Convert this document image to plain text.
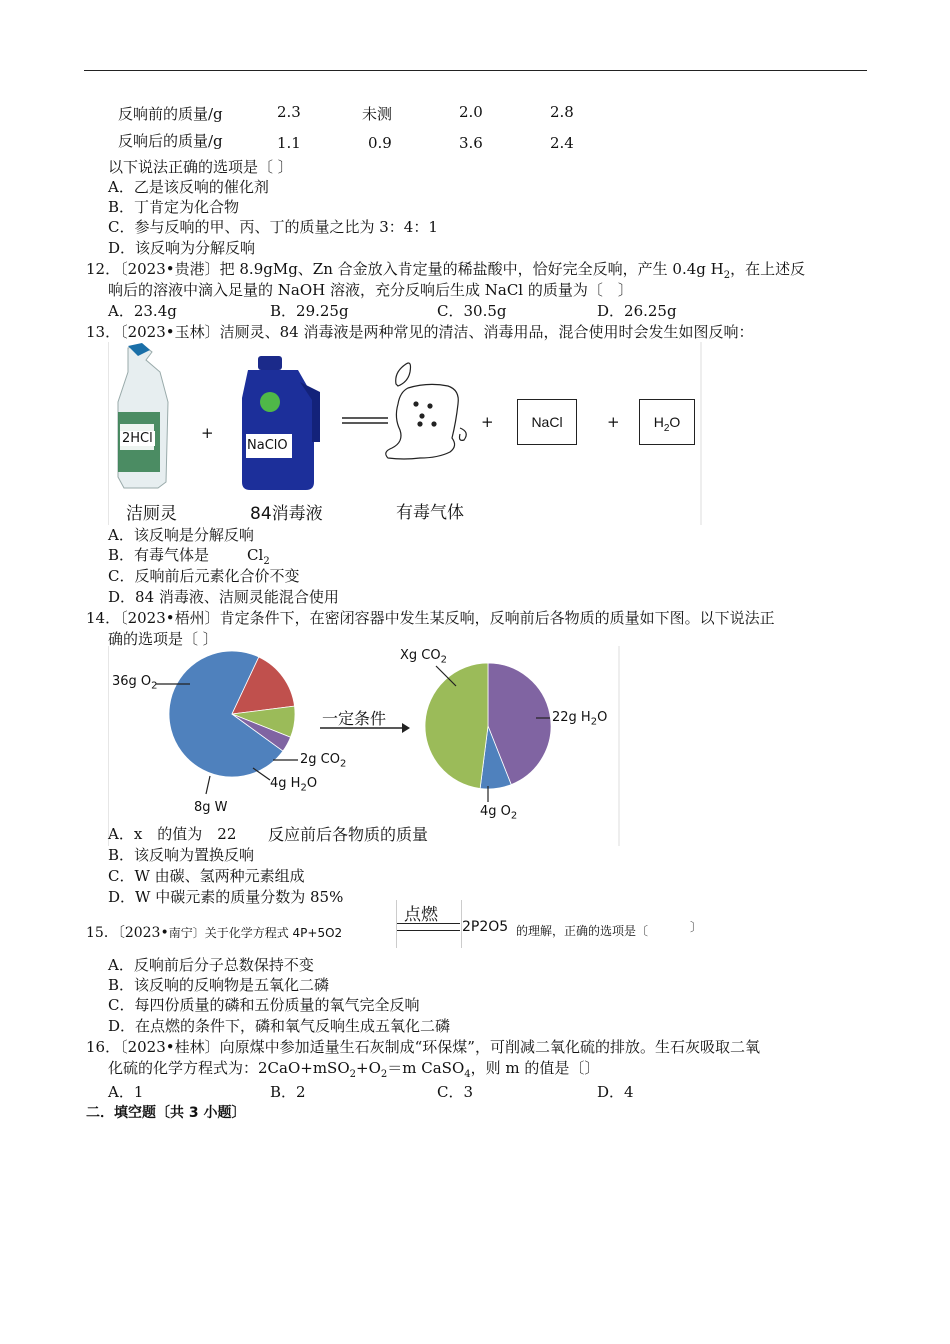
反响前的质量/g	2.3	未测	2.0	2.8
反响后的质量/g	1.1	0.9	3.6	2.4
以下说法正确的选项是〔 〕
A．乙是该反响的催化剂
B．丁肯定为化合物
C．参与反响的甲、丙、丁的质量之比为 3：4：1
D．该反响为分解反响
12．〔2023•贵港〕把 8.9gMg、Zn 合金放入肯定量的稀盐酸中，恰好完全反响，产生 0.4g $H_2$，在上述反
响后的溶液中滴入足量的 NaOH 溶液，充分反响后生成 NaCl 的质量为〔　〕
A．23.4g	B．29.25g	C．30.5g	D．26.25g
13．〔2023•玉林〕洁厕灵、84 消毒液是两种常见的清洁、消毒用品，混合使用时会发生如图反响：
2HCl	NaClO
+
+	+
NaCl	$H_2O$
洁厕灵	84消毒液	有毒气体
A．该反响是分解反响
B．有毒气体是	$Cl_2$
C．反响前后元素化合价不变
D．84 消毒液、洁厕灵能混合使用
14．〔2023•梧州〕肯定条件下，在密闭容器中发生某反响，反响前后各物质的质量如下图。以下说法正
确的选项是〔 〕
36g $O_2$
2g $CO_2$
4g $H_2O$
8g W
一定条件
Xg $CO_2$
22g $H_2O$
4g $O_2$
反应前后各物质的质量
A．x　的值为　22
B．该反响为置换反响
C．W 由碳、氢两种元素组成
D．W 中碳元素的质量分数为 85%
15．〔2023•南宁〕关于化学方程式 4P+5O2
点燃
2P2O5 的理解，正确的选项是〔	〕
A．反响前后分子总数保持不变
B．该反响的反响物是五氧化二磷
C．每四份质量的磷和五份质量的氧气完全反响
D．在点燃的条件下，磷和氧气反响生成五氧化二磷
16．〔2023•桂林〕向原煤中参加适量生石灰制成“环保煤”，可削减二氧化硫的排放。生石灰吸取二氧
化硫的化学方程式为：$2CaO+mSO_2+O_2=m$ CaSO$_4$，则 m 的值是〔〕
A．1	B．2	C．3	D．4
二．填空题〔共 3 小题〕
